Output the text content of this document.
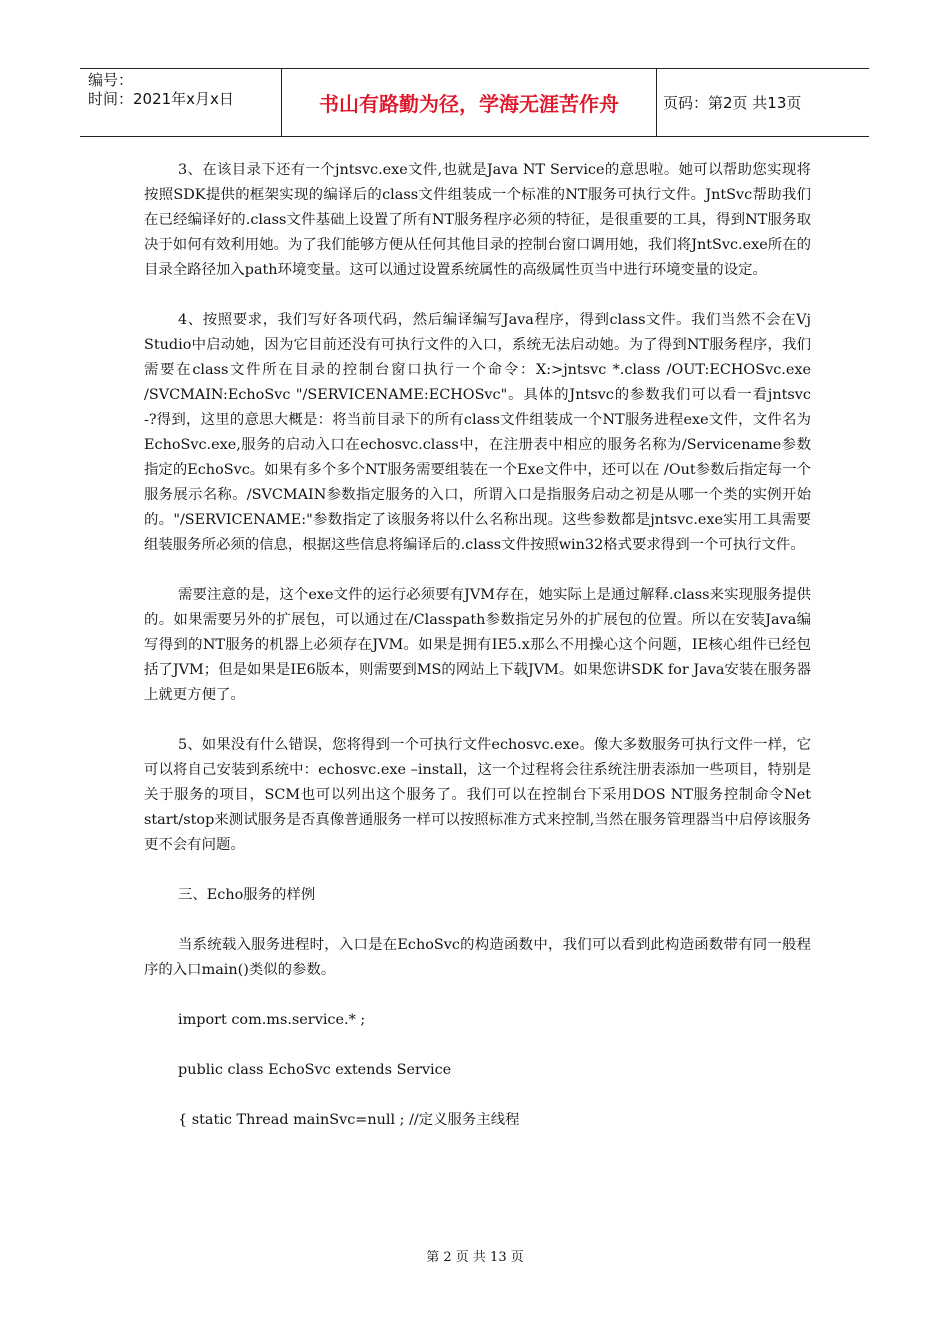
编号：
时间：2021年x月x日	书山有路勤为径，学海无涯苦作舟	页码：第2页 共13页

3、在该目录下还有一个jntsvc.exe文件,也就是Java NT Service的意思啦。她可以帮助您实现将按照SDK提供的框架实现的编译后的class文件组装成一个标准的NT服务可执行文件。JntSvc帮助我们在已经编译好的.class文件基础上设置了所有NT服务程序必须的特征，是很重要的工具，得到NT服务取决于如何有效利用她。为了我们能够方便从任何其他目录的控制台窗口调用她，我们将JntSvc.exe所在的目录全路径加入path环境变量。这可以通过设置系统属性的高级属性页当中进行环境变量的设定。

4、按照要求，我们写好各项代码，然后编译编写Java程序，得到class文件。我们当然不会在Vj Studio中启动她，因为它目前还没有可执行文件的入口，系统无法启动她。为了得到NT服务程序，我们需要在class文件所在目录的控制台窗口执行一个命令：X:>jntsvc *.class /OUT:ECHOSvc.exe /SVCMAIN:EchoSvc "/SERVICENAME:ECHOSvc"。具体的Jntsvc的参数我们可以看一看jntsvc -?得到，这里的意思大概是：将当前目录下的所有class文件组装成一个NT服务进程exe文件，文件名为EchoSvc.exe,服务的启动入口在echosvc.class中，在注册表中相应的服务名称为/Servicename参数指定的EchoSvc。如果有多个多个NT服务需要组装在一个Exe文件中，还可以在 /Out参数后指定每一个服务展示名称。/SVCMAIN参数指定服务的入口，所谓入口是指服务启动之初是从哪一个类的实例开始的。"/SERVICENAME:"参数指定了该服务将以什么名称出现。这些参数都是jntsvc.exe实用工具需要组装服务所必须的信息，根据这些信息将编译后的.class文件按照win32格式要求得到一个可执行文件。

需要注意的是，这个exe文件的运行必须要有JVM存在，她实际上是通过解释.class来实现服务提供的。如果需要另外的扩展包，可以通过在/Classpath参数指定另外的扩展包的位置。所以在安装Java编写得到的NT服务的机器上必须存在JVM。如果是拥有IE5.x那么不用操心这个问题，IE核心组件已经包括了JVM；但是如果是IE6版本，则需要到MS的网站上下载JVM。如果您讲SDK for Java安装在服务器上就更方便了。

5、如果没有什么错误，您将得到一个可执行文件echosvc.exe。像大多数服务可执行文件一样，它可以将自己安装到系统中：echosvc.exe –install，这一个过程将会往系统注册表添加一些项目，特别是关于服务的项目，SCM也可以列出这个服务了。我们可以在控制台下采用DOS NT服务控制命令Net start/stop来测试服务是否真像普通服务一样可以按照标准方式来控制,当然在服务管理器当中启停该服务更不会有问题。

三、Echo服务的样例

当系统载入服务进程时，入口是在EchoSvc的构造函数中，我们可以看到此构造函数带有同一般程序的入口main()类似的参数。

import com.ms.service.* ;

public class EchoSvc extends Service

{ static Thread mainSvc=null ; //定义服务主线程

第 2 页 共 13 页
